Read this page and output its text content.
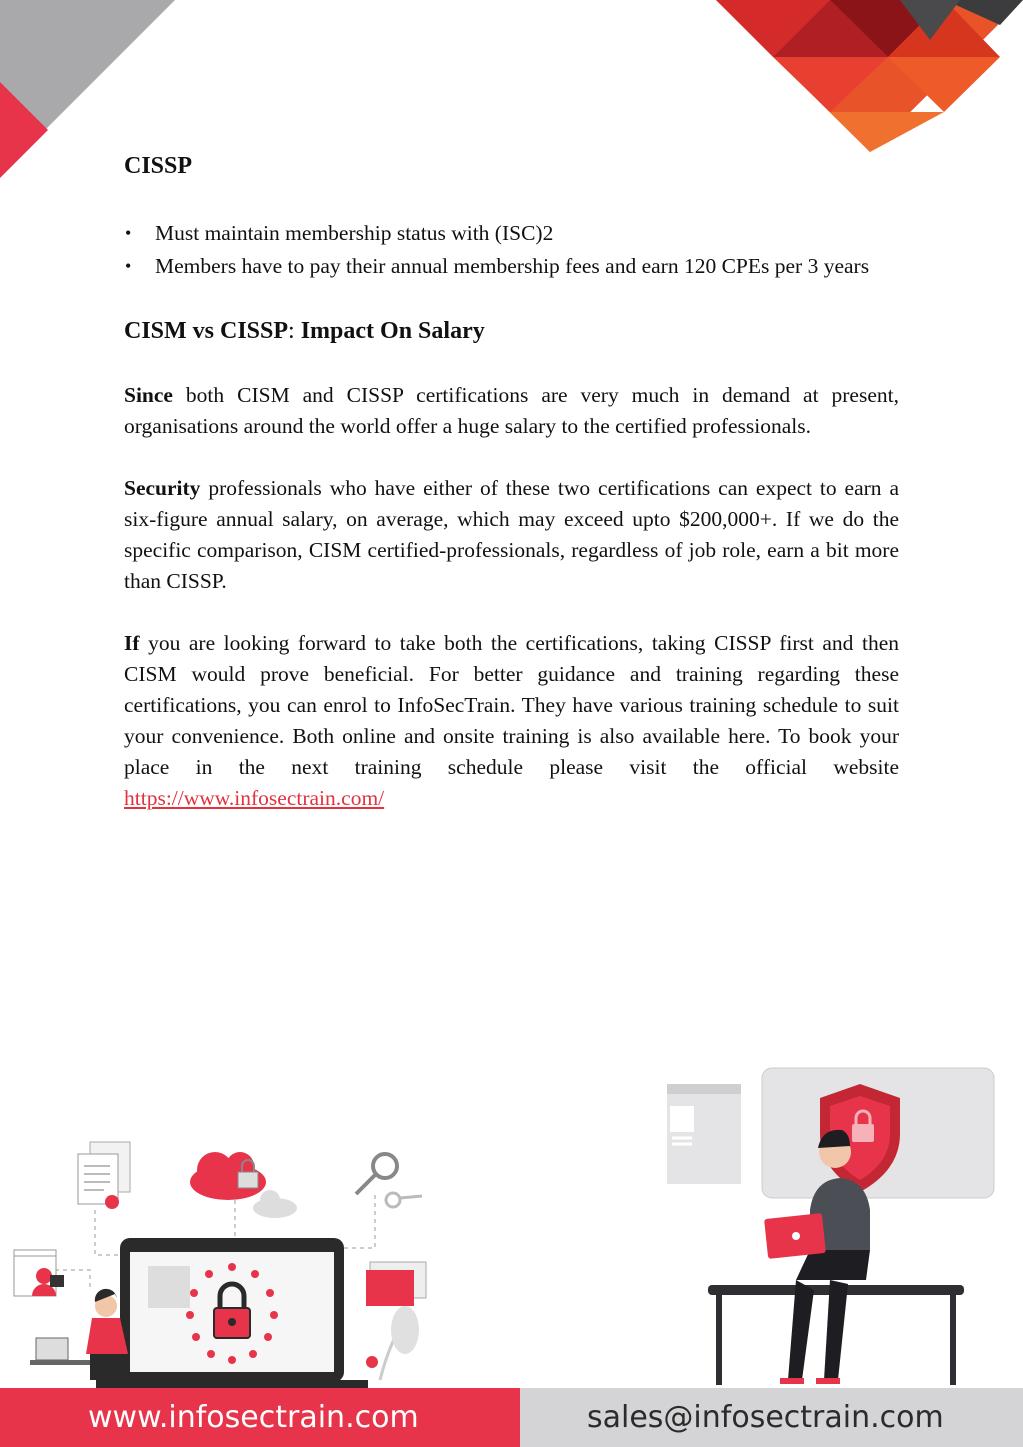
CISSP
• Must maintain membership status with (ISC)2
• Members have to pay their annual membership fees and earn 120 CPEs per 3 years
CISM vs CISSP: Impact On Salary

Since both CISM and CISSP certifications are very much in demand at present, organisations around the world offer a huge salary to the certified professionals.

Security professionals who have either of these two certifications can expect to earn a six-figure annual salary, on average, which may exceed upto $200,000+. If we do the specific comparison, CISM certified-professionals, regardless of job role, earn a bit more than CISSP.

If you are looking forward to take both the certifications, taking CISSP first and then CISM would prove beneficial. For better guidance and training regarding these certifications, you can enrol to InfoSecTrain. They have various training schedule to suit your convenience. Both online and onsite training is also available here. To book your place in the next training schedule please visit the official website https://www.infosectrain.com/

www.infosectrain.com	sales@infosectrain.com
